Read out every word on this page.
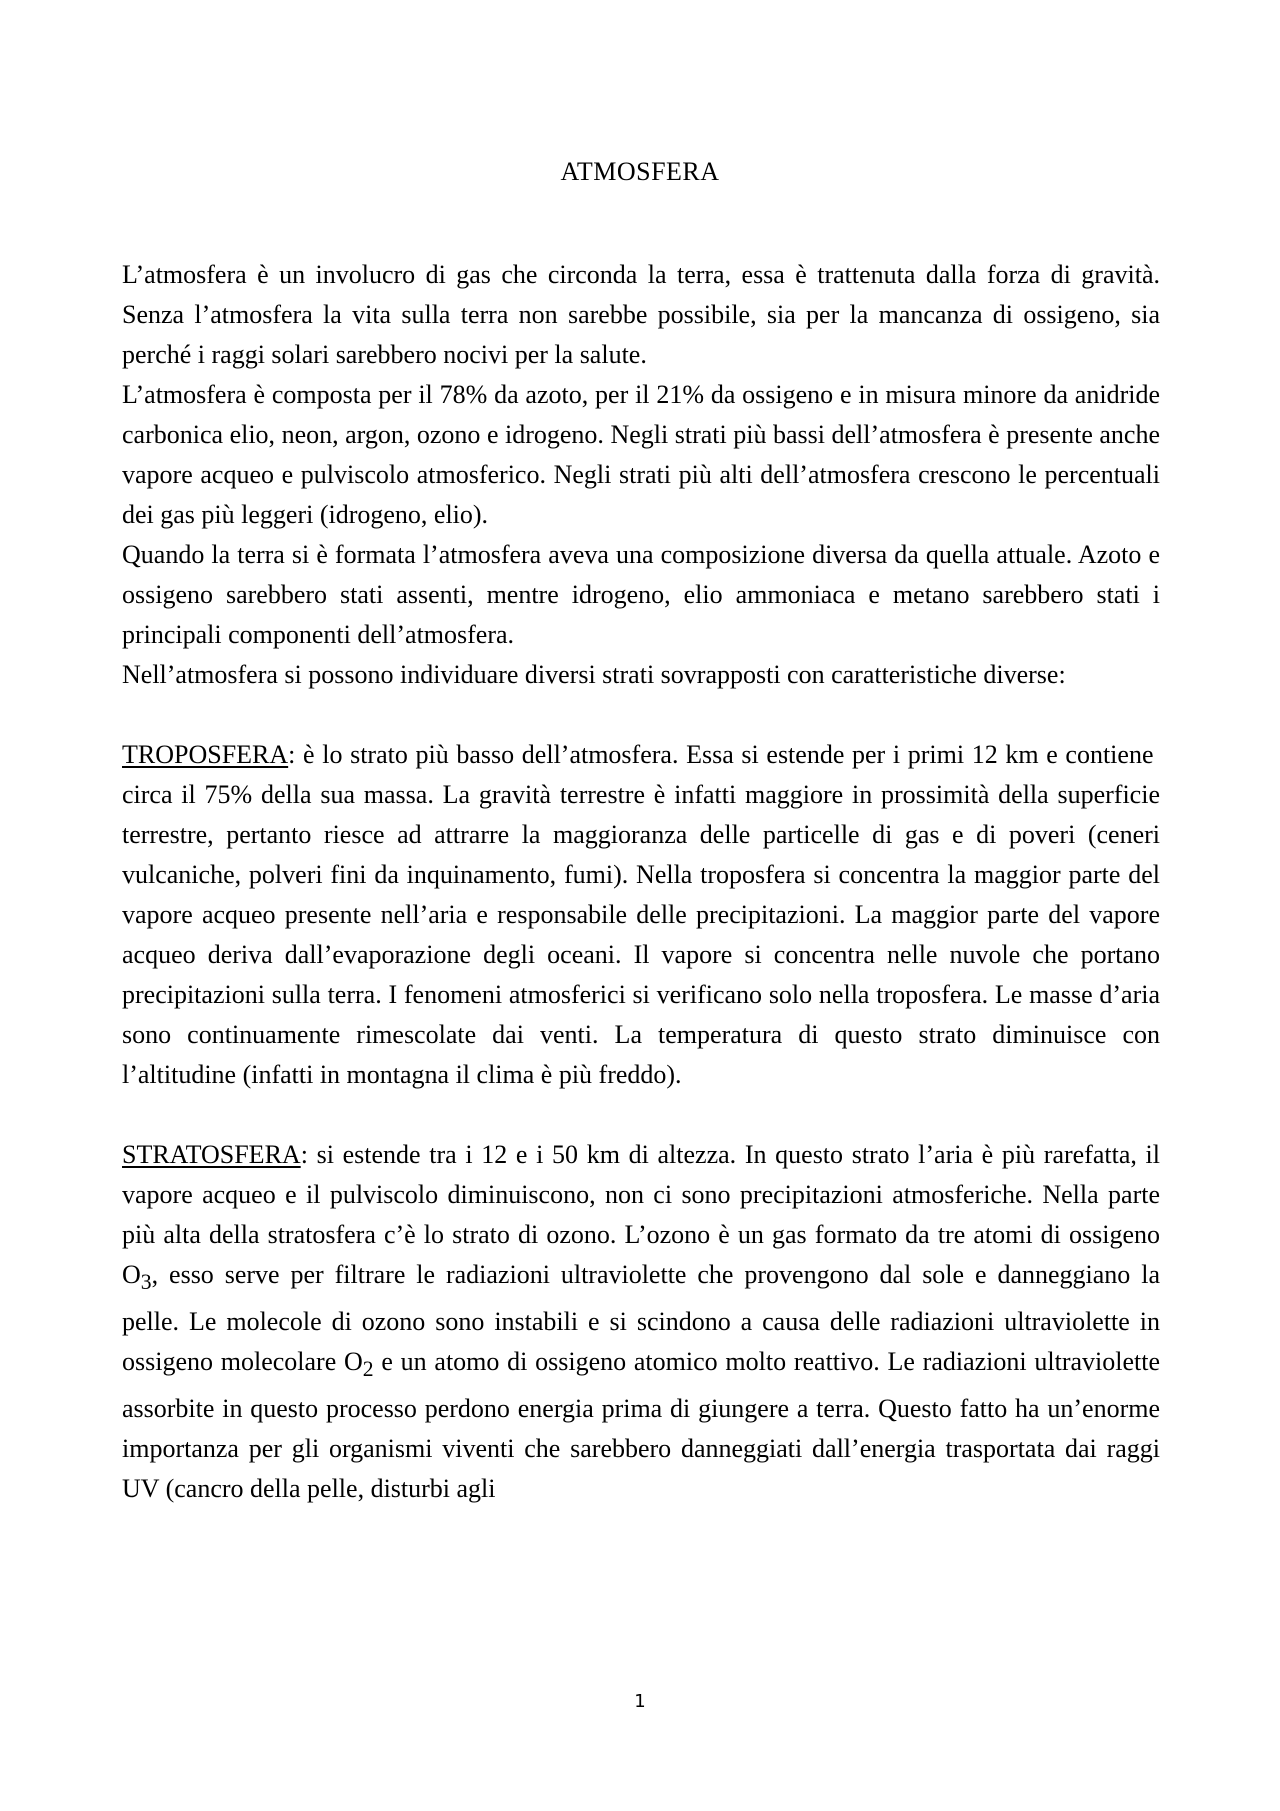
ATMOSFERA

L’atmosfera è un involucro di gas che circonda la terra, essa è trattenuta dalla forza di gravità. Senza l’atmosfera la vita sulla terra non sarebbe possibile, sia per la mancanza di ossigeno, sia perché i raggi solari sarebbero nocivi per la salute.

L’atmosfera è composta per il 78% da azoto, per il 21% da ossigeno e in misura minore da anidride carbonica elio, neon, argon, ozono e idrogeno. Negli strati più bassi dell’atmosfera è presente anche vapore acqueo e pulviscolo atmosferico. Negli strati più alti dell’atmosfera crescono le percentuali dei gas più leggeri (idrogeno, elio).

Quando la terra si è formata l’atmosfera aveva una composizione diversa da quella attuale. Azoto e ossigeno sarebbero stati assenti, mentre idrogeno, elio ammoniaca e metano sarebbero stati i principali componenti dell’atmosfera.

Nell’atmosfera si possono individuare diversi strati sovrapposti con caratteristiche diverse:

TROPOSFERA: è lo strato più basso dell’atmosfera. Essa si estende per i primi 12 km e contiene  circa il 75% della sua massa. La gravità terrestre è infatti maggiore in prossimità della superficie terrestre, pertanto riesce ad attrarre la maggioranza delle particelle di gas e di poveri (ceneri vulcaniche, polveri fini da inquinamento, fumi). Nella troposfera si concentra la maggior parte del vapore acqueo presente nell’aria e responsabile delle precipitazioni. La maggior parte del vapore acqueo deriva dall’evaporazione degli oceani. Il vapore si concentra nelle nuvole che portano precipitazioni sulla terra. I fenomeni atmosferici si verificano solo nella troposfera. Le masse d’aria sono continuamente rimescolate dai venti. La temperatura di questo strato diminuisce con l’altitudine (infatti in montagna il clima è più freddo).

STRATOSFERA: si estende tra i 12 e i 50 km di altezza. In questo strato l’aria è più rarefatta, il vapore acqueo e il pulviscolo diminuiscono, non ci sono precipitazioni atmosferiche. Nella parte più alta della stratosfera c’è lo strato di ozono. L’ozono è un gas formato da tre atomi di ossigeno $O_3$, esso serve per filtrare le radiazioni ultraviolette che provengono dal sole e danneggiano la pelle. Le molecole di ozono sono instabili e si scindono a causa delle radiazioni ultraviolette in ossigeno molecolare $O_2$ e un atomo di ossigeno atomico molto reattivo. Le radiazioni ultraviolette assorbite in questo processo perdono energia prima di giungere a terra. Questo fatto ha un’enorme importanza per gli organismi viventi che sarebbero danneggiati dall’energia trasportata dai raggi UV (cancro della pelle, disturbi agli

1
